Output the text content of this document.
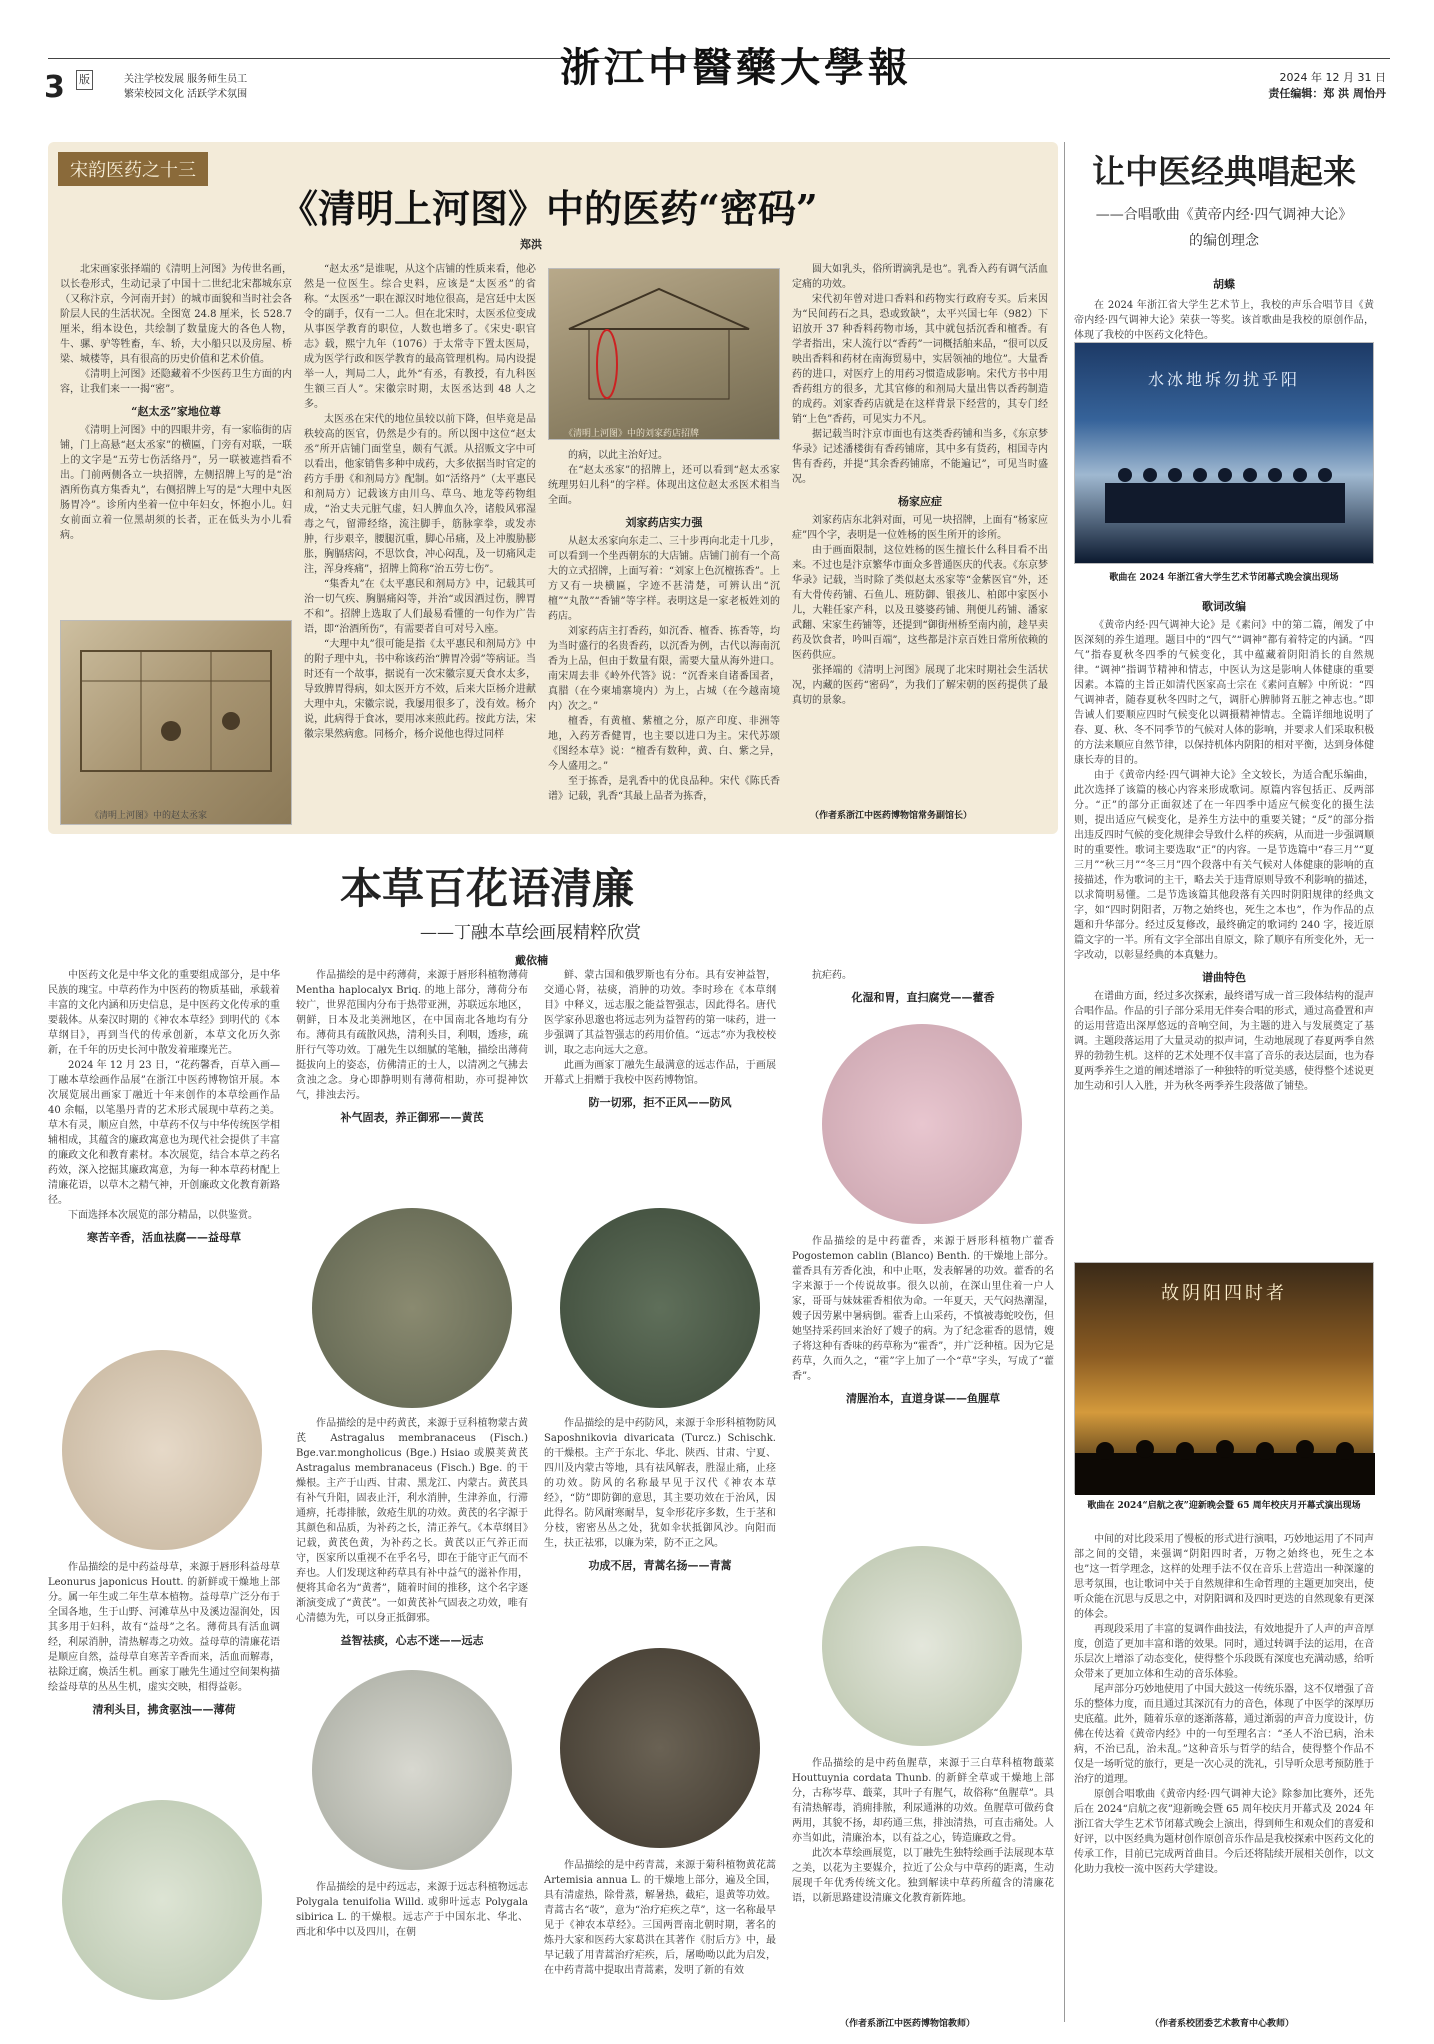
3 版	关注学校发展 服务师生员工
繁荣校园文化 活跃学术氛围
浙江中醫藥大學報	2024 年 12 月 31 日
责任编辑：郑 洪 周怡丹
宋韵医药之十三
《清明上河图》中的医药“密码”
郑洪

北宋画家张择端的《清明上河图》为传世名画，以长卷形式，生动记录了中国十二世纪北宋都城东京（又称汴京，今河南开封）的城市面貌和当时社会各阶层人民的生活状况。全图宽 24.8 厘米，长 528.7 厘米，绢本设色，共绘制了数量庞大的各色人物，牛、骡、驴等牲畜，车、轿，大小船只以及房屋、桥梁、城楼等，具有很高的历史价值和艺术价值。

《清明上河图》还隐藏着不少医药卫生方面的内容，让我们来一一揭“密”。

“赵太丞”家地位尊

《清明上河图》中的四眼井旁，有一家临街的店铺，门上高悬“赵太丞家”的横匾，门旁有对联，一联上的文字是“五劳七伤活络丹”，另一联被遮挡看不出。门前两侧各立一块招牌，左侧招牌上写的是“治酒所伤真方集香丸”，右侧招牌上写的是“大理中丸医肠胃冷”。诊所内坐着一位中年妇女，怀抱小儿。妇女前面立着一位黑胡须的长者，正在低头为小儿看病。

《清明上河图》中的赵太丞家

“赵太丞”是谁呢，从这个店铺的性质来看，他必然是一位医生。综合史料，应该是“太医丞”的省称。“太医丞”一职在源汉时地位很高，是宫廷中太医令的副手，仅有一二人。但在北宋时，太医丞位变成从事医学教育的职位，人数也增多了。《宋史·职官志》载，熙宁九年（1076）于太常寺下置太医局，成为医学行政和医学教育的最高管理机构。局内设提举一人，判局二人，此外“有丞，有教授，有九科医生额三百人”。宋徽宗时期，太医丞达到 48 人之多。

太医丞在宋代的地位虽较以前下降，但毕竟是品秩较高的医官，仍然是少有的。所以图中这位“赵太丞”所开店铺门面堂皇，颇有气派。从招贩文字中可以看出，他家销售多种中成药，大多依据当时官定的药方手册《和剂局方》配制。如“活络丹”（太平惠民和剂局方）记载该方由川乌、草乌、地龙等药物组成，“治丈夫元脏气虚，妇人脾血久冷，诸般风邪湿毒之气，留滞经络，流注脚手，筋脉挛拳，或发赤肿，行步艰辛，腰腿沉重，脚心吊痛，及上冲腹胁膨胀，胸膈痞闷，不思饮食，冲心闷乱，及一切痛风走注，浑身疼痛”，招牌上简称“治五劳七伤”。

“集香丸”在《太平惠民和剂局方》中，记载其可治一切气疾、胸膈痛闷等，并治“或因酒过伤，脾胃不和”。招牌上选取了人们最易看懂的一句作为广告语，即“治酒所伤”，有需要者自可对号入座。

“大理中丸”很可能是指《太平惠民和剂局方》中的附子理中丸，书中称该药治“脾胃冷弱”等病证。当时还有一个故事，据说有一次宋徽宗夏天食水太多，导致脾胃得病，如太医开方不效，后来大臣杨介进献大理中丸，宋徽宗说，我屡用很多了，没有效。杨介说，此病得于食冰，要用冰来煎此药。按此方法，宋徽宗果然病愈。同杨介，杨介说他也得过同样

《清明上河图》中的刘家药店招牌

的病，以此主治好过。

在“赵太丞家”的招牌上，还可以看到“赵太丞家统理男妇儿科”的字样。体现出这位赵太丞医术相当全面。

刘家药店实力强

从赵太丞家向东走二、三十步再向北走十几步，可以看到一个坐西朝东的大店铺。店铺门前有一个高大的立式招牌，上面写着：“刘家上色沉檀拣香”。上方又有一块横匾，字迹不甚清楚，可辨认出“沉檀”“丸散”“香铺”等字样。表明这是一家老板姓刘的药店。

刘家药店主打香药，如沉香、檀香、拣香等，均为当时盛行的名贵香药，以沉香为例，古代以海南沉香为上品，但由于数量有限，需要大量从海外进口。南宋周去非《岭外代答》说：“沉香来自诸番国者，真腊（在今柬埔寨境内）为上，占城（在今越南境内）次之。”

檀香，有黄檀、紫檀之分，原产印度、非洲等地，入药芳香健胃，也主要以进口为主。宋代苏颂《图经本草》说：“檀香有数种，黄、白、紫之异，今人盛用之。”

至于拣香，是乳香中的优良品种。宋代《陈氏香谱》记载，乳香“其最上品者为拣香，

圆大如乳头，俗所谓滴乳是也”。乳香入药有调气活血定痛的功效。

宋代初年曾对进口香料和药物实行政府专买。后来因为“民间药石之具，恐或致缺”，太平兴国七年（982）下诏放开 37 种香料药物市场，其中就包括沉香和檀香。有学者指出，宋人流行以“香药”一词概括舶来品，“很可以反映出香料和药材在南海贸易中，实居领袖的地位”。大量香药的进口，对医疗上的用药习惯造成影响。宋代方书中用香药组方的很多，尤其官修的和剂局大量出售以香药制造的成药。刘家香药店就是在这样背景下经营的，其专门经销“上色”香药，可见实力不凡。

据记载当时汴京市面也有这类香药铺和当多，《东京梦华录》记述潘楼街有香药铺席，其中多有货药，相国寺内售有香药，并提“其余香药铺席，不能遍记”，可见当时盛况。

杨家应症

刘家药店东北斜对面，可见一块招牌，上面有“杨家应症”四个字，表明是一位姓杨的医生所开的诊所。

由于画面限制，这位姓杨的医生擅长什么科目看不出来。不过也是汴京繁华市面众多普通医庆的代表。《东京梦华录》记载，当时除了类似赵太丞家等“金紫医官”外，还有大骨传药铺、石鱼儿、班防御、银孩儿、柏郎中家医小儿，大鞋任家产科，以及丑婆婆药铺、荆便儿药铺、潘家武翻、宋家生药铺等，还提到“御街州桥至南内前，趁早卖药及饮食者，吟叫百端”，这些都是汴京百姓日常所依赖的医药供应。

张择端的《清明上河图》展现了北宋时期社会生活状况，内藏的医药“密码”，为我们了解宋朝的医药提供了最真切的景象。

（作者系浙江中医药博物馆常务副馆长）
让中医经典唱起来
——合唱歌曲《黄帝内经·四气调神大论》
的编创理念
胡蝶

在 2024 年浙江省大学生艺术节上，我校的声乐合唱节目《黄帝内经·四气调神大论》荣获一等奖。该首歌曲是我校的原创作品，体现了我校的中医药文化特色。

水冰地坼勿扰乎阳
歌曲在 2024 年浙江省大学生艺术节闭幕式晚会演出现场
歌词改编

《黄帝内经·四气调神大论》是《素问》中的第二篇，阐发了中医深刻的养生道理。题目中的“四气”“调神”都有着特定的内涵。“四气”指春夏秋冬四季的气候变化，其中蕴藏着阴阳消长的自然规律。“调神”指调节精神和情志，中医认为这是影响人体健康的重要因素。本篇的主旨正如清代医家高士宗在《素问直解》中所说：“四气调神者，随春夏秋冬四时之气，调肝心脾肺肾五脏之神志也。”即告诫人们要顺应四时气候变化以调摄精神情志。全篇详细地说明了春、夏、秋、冬不同季节的气候对人体的影响，并要求人们采取积极的方法来顺应自然节律，以保持机体内阴阳的相对平衡，达到身体健康长寿的目的。

由于《黄帝内经·四气调神大论》全文较长，为适合配乐编曲，此次选择了该篇的核心内容来形成歌词。原篇内容包括正、反两部分。“正”的部分正面叙述了在一年四季中适应气候变化的摄生法则，提出适应气候变化，是养生方法中的重要关键；“反”的部分指出违反四时气候的变化规律会导致什么样的疾病，从而进一步强调顺时的重要性。歌词主要选取“正”的内容。一是节选篇中“春三月”“夏三月”“秋三月”“冬三月”四个段落中有关气候对人体健康的影响的直接描述，作为歌词的主干，略去关于违背原则导致不利影响的描述，以求简明易懂。二是节选该篇其他段落有关四时阴阳规律的经典文字，如“四时阴阳者，万物之始终也，死生之本也”，作为作品的点题和升华部分。经过反复修改，最终确定的歌词约 240 字，接近原篇文字的一半。所有文字全部出自原文，除了顺序有所变化外，无一字改动，以彰显经典的本真魅力。

谱曲特色

在谱曲方面，经过多次探索，最终谱写成一首三段体结构的混声合唱作品。作品的引子部分采用无伴奏合唱的形式，通过高叠置和声的运用营造出深厚悠远的音响空间，为主题的进入与发展奠定了基调。主题段落运用了大量灵动的拟声词，生动地展现了春夏两季自然界的勃勃生机。这样的艺术处理不仅丰富了音乐的表达层面，也为春夏两季养生之道的阐述增添了一种独特的听觉美感，使得整个述说更加生动和引人入胜，并为秋冬两季养生段落做了铺垫。

故阴阳四时者
歌曲在 2024“启航之夜”迎新晚会暨 65 周年校庆月开幕式演出现场

中间的对比段采用了慢板的形式进行演唱，巧妙地运用了不同声部之间的交错，来强调“阴阳四时者，万物之始终也，死生之本也”这一哲学理念，这样的处理手法不仅在音乐上营造出一种深邃的思考氛围，也让歌词中关于自然规律和生命哲理的主题更加突出，使听众能在沉思与反思之中，对阴阳调和及四时更迭的自然现象有更深的体会。

再现段采用了丰富的复调作曲技法，有效地提升了人声的声音厚度，创造了更加丰富和谐的效果。同时，通过转调手法的运用，在音乐层次上增添了动态变化，使得整个乐段既有深度也充满动感，给听众带来了更加立体和生动的音乐体验。

尾声部分巧妙地使用了中国大鼓这一传统乐器，这不仅增强了音乐的整体力度，而且通过其深沉有力的音色，体现了中医学的深厚历史底蕴。此外，随着乐章的逐渐落幕，通过渐弱的声音力度设计，仿佛在传达着《黄帝内经》中的一句至理名言：“圣人不治已病，治未病，不治已乱，治未乱。”这种音乐与哲学的结合，使得整个作品不仅是一场听觉的旅行，更是一次心灵的洗礼，引导听众思考预防胜于治疗的道理。

原创合唱歌曲《黄帝内经·四气调神大论》除参加比赛外，还先后在 2024“启航之夜”迎新晚会暨 65 周年校庆月开幕式及 2024 年浙江省大学生艺术节闭幕式晚会上演出，得到师生和观众们的喜爱和好评，以中医经典为题材创作原创音乐作品是我校探索中医药文化的传承工作，目前已完成两首曲目。今后还将陆续开展相关创作，以文化助力我校一流中医药大学建设。

（作者系校团委艺术教育中心教师）
本草百花语清廉
——丁融本草绘画展精粹欣赏
戴依楠

中医药文化是中华文化的重要组成部分，是中华民族的瑰宝。中草药作为中医药的物质基础，承载着丰富的文化内涵和历史信息，是中医药文化传承的重要载体。从秦汉时期的《神农本草经》到明代的《本草纲目》，再到当代的传承创新，本草文化历久弥新，在千年的历史长河中散发着璀璨光芒。

2024 年 12 月 23 日，“花药馨香，百草入画—丁融本草绘画作品展”在浙江中医药博物馆开展。本次展览展出画家丁融近十年来创作的本草绘画作品 40 余幅，以笔墨丹青的艺术形式展现中草药之美。草木有灵，顺应自然，中草药不仅与中华传统医学相辅相成，其蕴含的廉政寓意也为现代社会提供了丰富的廉政文化和教育素材。本次展览，结合本草之药名药效，深入挖掘其廉政寓意，为每一种本草药材配上清廉花语，以草木之精气神，开创廉政文化教育新路径。

下面选择本次展览的部分精品，以供鉴赏。

寒苦辛香，活血祛腐——益母草

作品描绘的是中药益母草，来源于唇形科益母草 Leonurus japonicus Houtt. 的新鲜或干燥地上部分。属一年生或二年生草本植物。益母草广泛分布于全国各地，生于山野、河滩草丛中及溪边湿润处，因其多用于妇科，故有“益母”之名。薄荷具有活血调经，利尿消肿，清热解毒之功效。益母草的清廉花语是顺应自然，益母草自寒苦辛香而来，活血而解毒，祛除迂腐，焕活生机。画家丁融先生通过空间架构描绘益母草的丛丛生机，虚实交映，相得益彰。

清利头目，拂贪驱浊——薄荷

作品描绘的是中药薄荷，来源于唇形科植物薄荷 Mentha haplocalyx Briq. 的地上部分，薄荷分布较广，世界范围内分布于热带亚洲，苏联远东地区，朝鲜，日本及北美洲地区，在中国南北各地均有分布。薄荷具有疏散风热，清利头目，利咽，透疹，疏肝行气等功效。丁融先生以细腻的笔触，描绘出薄荷挺拔向上的姿态，仿佛清正的士人，以清冽之气拂去贪浊之念。身心即静明则有薄荷相助，亦可提神饮气，排浊去污。

补气固表，养正御邪——黄芪

作品描绘的是中药黄芪，来源于豆科植物蒙古黄芪 Astragalus membranaceus (Fisch.) Bge.var.mongholicus (Bge.) Hsiao 或膜荚黄芪 Astragalus membranaceus (Fisch.) Bge. 的干燥根。主产于山西、甘肃、黑龙江、内蒙古。黄芪具有补气升阳，固表止汗，利水消肿，生津养血，行滞通痹，托毒排脓，敛疮生肌的功效。黄芪的名字源于其颜色和品质，为补药之长，清正养气。《本草纲目》记载，黄芪色黄，为补药之长。黄芪以正气养正而守，医家所以重视不在乎名号，即在于能守正气而不弃也。人们发现这种药草具有补中益气的滋补作用，便将其命名为“黄耆”，随着时间的推移，这个名字逐渐演变成了“黄芪”。一如黄芪补气固表之功效，唯有心清德为先，可以身正抵御邪。

益智祛痰，心志不迷——远志

作品描绘的是中药远志，来源于远志科植物远志 Polygala tenuifolia Willd. 或卵叶远志 Polygala sibirica L. 的干燥根。远志产于中国东北、华北、西北和华中以及四川，在朝

鲜、蒙古国和俄罗斯也有分布。具有安神益智，交通心肾，祛痰，消肿的功效。李时珍在《本草纲目》中释义，远志服之能益智强志，因此得名。唐代医学家孙思邈也将远志列为益智药的第一味药，进一步强调了其益智强志的药用价值。“远志”亦为我校校训，取之志向远大之意。

此画为画家丁融先生最满意的远志作品，于画展开幕式上捐赠于我校中医药博物馆。

防一切邪，拒不正风——防风

作品描绘的是中药防风，来源于伞形科植物防风 Saposhnikovia divaricata (Turcz.) Schischk. 的干燥根。主产于东北、华北、陕西、甘肃、宁夏、四川及内蒙古等地，具有祛风解表，胜湿止痛，止痉的功效。防风的名称最早见于汉代《神农本草经》，“防”即防御的意思，其主要功效在于治风，因此得名。防风耐寒耐旱，复伞形花序多数，生于茎和分枝，密密丛丛之处，犹如伞状抵御风沙。向阳而生，扶正祛邪，以廉为荣，防不正之风。

功成不居，青蒿名扬——青蒿

作品描绘的是中药青蒿，来源于菊科植物黄花蒿 Artemisia annua L. 的干燥地上部分，遍及全国，具有清虚热，除骨蒸，解暑热，截疟，退黄等功效。青蒿古名“荍”，意为“治疗疟疾之草”，这一名称最早见于《神农本草经》。三国两晋南北朝时期，著名的炼丹大家和医药大家葛洪在其著作《肘后方》中，最早记载了用青蒿治疗疟疾，后，屠呦呦以此为启发，在中药青蒿中提取出青蒿素，发明了新的有效

抗疟药。

化湿和胃，直扫腐党——藿香

作品描绘的是中药藿香，来源于唇形科植物广藿香 Pogostemon cablin (Blanco) Benth. 的干燥地上部分。藿香具有芳香化浊，和中止呕，发表解暑的功效。藿香的名字来源于一个传说故事。很久以前，在深山里住着一户人家，哥哥与妹妹霍香相依为命。一年夏天，天气闷热潮湿，嫂子因劳累中暑病倒。霍香上山采药，不慎被毒蛇咬伤，但她坚持采药回来治好了嫂子的病。为了纪念霍香的恩情，嫂子将这种有香味的药草称为“霍香”，并广泛种植。因为它是药草，久而久之，“霍”字上加了一个“草”字头，写成了“藿香”。

清腥治本，直道身谋——鱼腥草

作品描绘的是中药鱼腥草，来源于三白草科植物蕺菜 Houttuynia cordata Thunb. 的新鲜全草或干燥地上部分，古称岑草、蕺菜，其叶子有腥气，故俗称“鱼腥草”。具有清热解毒，消痈排脓，利尿通淋的功效。鱼腥草可做药食两用，其貌不扬，却药通三焦，排浊清热，可直击痛处。人亦当如此，清廉治本，以有益之心，铸造廉政之骨。

此次本草绘画展览，以丁融先生独特绘画手法展现本草之美，以花为主要媒介，拉近了公众与中草药的距离，生动展现千年优秀传统文化。独到解读中草药所蕴含的清廉花语，以新思路建设清廉文化教育新阵地。

（作者系浙江中医药博物馆教师）
